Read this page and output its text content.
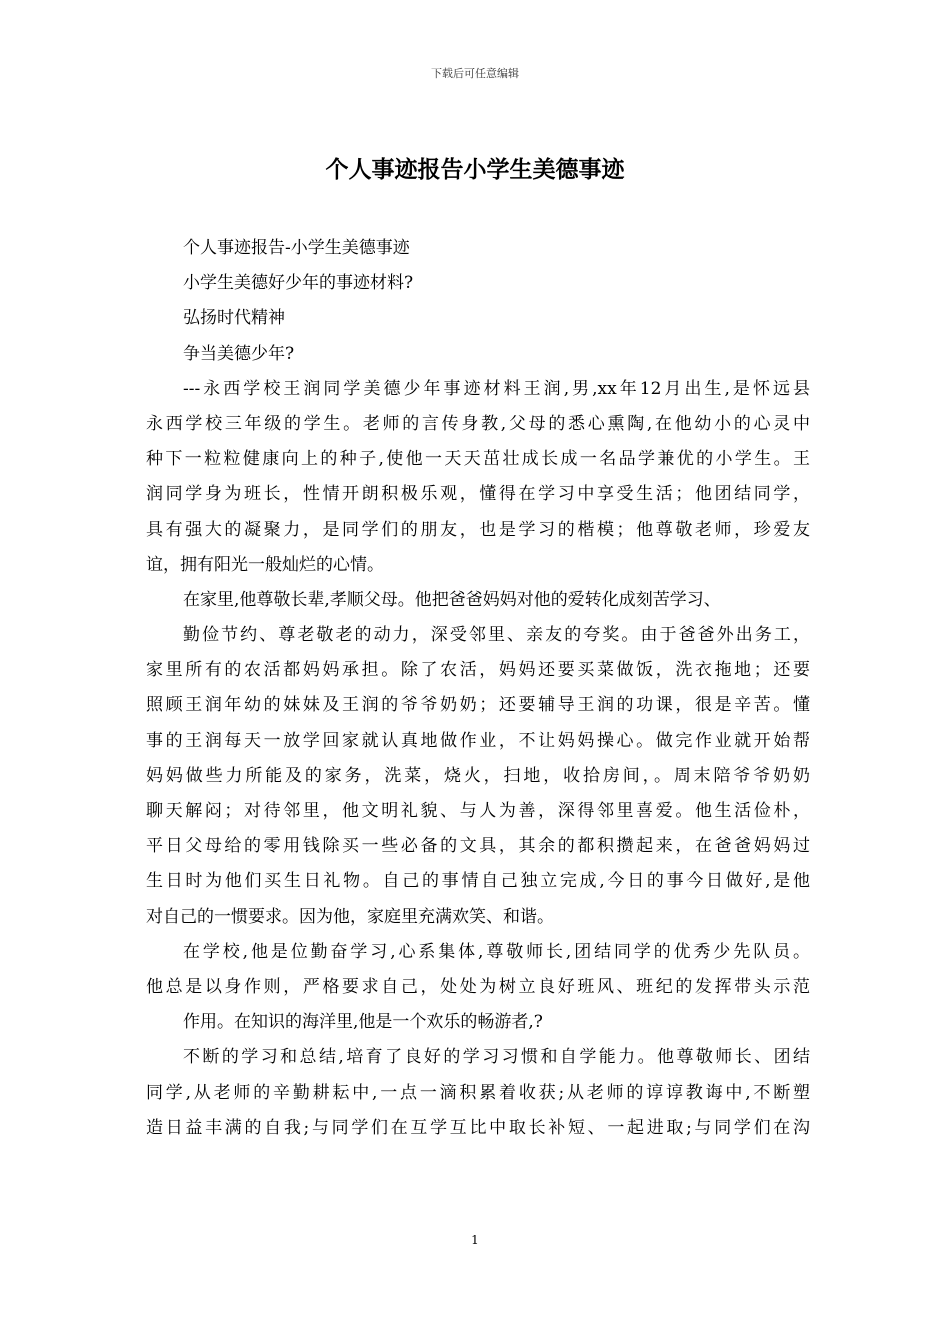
下载后可任意编辑
个人事迹报告小学生美德事迹
个人事迹报告-小学生美德事迹
小学生美德好少年的事迹材料?
弘扬时代精神
争当美德少年?
---永西学校王润同学美德少年事迹材料王润,男,xx年12月出生,是怀远县
永西学校三年级的学生。老师的言传身教,父母的悉心熏陶,在他幼小的心灵中
种下一粒粒健康向上的种子,使他一天天茁壮成长成一名品学兼优的小学生。王
润同学身为班长，性情开朗积极乐观，懂得在学习中享受生活；他团结同学，
具有强大的凝聚力，是同学们的朋友，也是学习的楷模；他尊敬老师，珍爱友
谊，拥有阳光一般灿烂的心情。
在家里,他尊敬长辈,孝顺父母。他把爸爸妈妈对他的爱转化成刻苦学习、
勤俭节约、尊老敬老的动力，深受邻里、亲友的夸奖。由于爸爸外出务工，
家里所有的农活都妈妈承担。除了农活，妈妈还要买菜做饭，洗衣拖地；还要
照顾王润年幼的妹妹及王润的爷爷奶奶；还要辅导王润的功课，很是辛苦。懂
事的王润每天一放学回家就认真地做作业，不让妈妈操心。做完作业就开始帮
妈妈做些力所能及的家务，洗菜，烧火，扫地，收拾房间，。周末陪爷爷奶奶
聊天解闷；对待邻里，他文明礼貌、与人为善，深得邻里喜爱。他生活俭朴，
平日父母给的零用钱除买一些必备的文具，其余的都积攒起来，在爸爸妈妈过
生日时为他们买生日礼物。自己的事情自己独立完成,今日的事今日做好,是他
对自己的一惯要求。因为他，家庭里充满欢笑、和谐。
在学校,他是位勤奋学习,心系集体,尊敬师长,团结同学的优秀少先队员。
他总是以身作则，严格要求自己，处处为树立良好班风、班纪的发挥带头示范
作用。在知识的海洋里,他是一个欢乐的畅游者,?
不断的学习和总结,培育了良好的学习习惯和自学能力。他尊敬师长、团结
同学,从老师的辛勤耕耘中,一点一滴积累着收获;从老师的谆谆教诲中,不断塑
造日益丰满的自我;与同学们在互学互比中取长补短、一起进取;与同学们在沟
1
